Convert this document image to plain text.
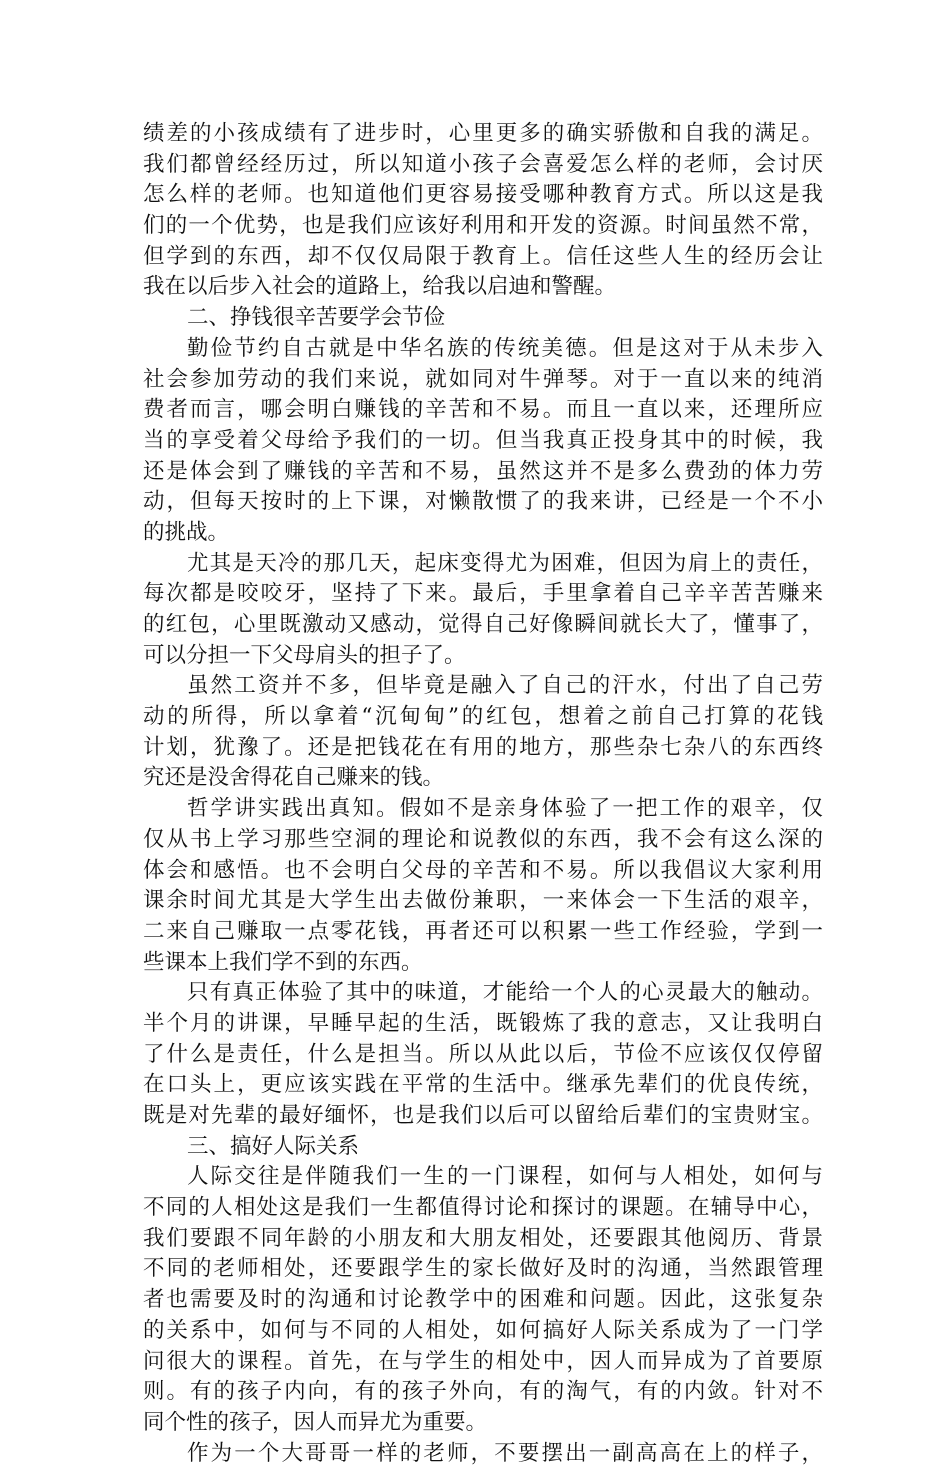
绩差的小孩成绩有了进步时，心里更多的确实骄傲和自我的满足。
我们都曾经经历过，所以知道小孩子会喜爱怎么样的老师，会讨厌
怎么样的老师。也知道他们更容易接受哪种教育方式。所以这是我
们的一个优势，也是我们应该好利用和开发的资源。时间虽然不常，
但学到的东西，却不仅仅局限于教育上。信任这些人生的经历会让
我在以后步入社会的道路上，给我以启迪和警醒。
二、挣钱很辛苦要学会节俭
勤俭节约自古就是中华名族的传统美德。但是这对于从未步入
社会参加劳动的我们来说，就如同对牛弹琴。对于一直以来的纯消
费者而言，哪会明白赚钱的辛苦和不易。而且一直以来，还理所应
当的享受着父母给予我们的一切。但当我真正投身其中的时候，我
还是体会到了赚钱的辛苦和不易，虽然这并不是多么费劲的体力劳
动，但每天按时的上下课，对懒散惯了的我来讲，已经是一个不小
的挑战。
尤其是天冷的那几天，起床变得尤为困难，但因为肩上的责任，
每次都是咬咬牙，坚持了下来。最后，手里拿着自己辛辛苦苦赚来
的红包，心里既激动又感动，觉得自己好像瞬间就长大了，懂事了，
可以分担一下父母肩头的担子了。
虽然工资并不多，但毕竟是融入了自己的汗水，付出了自己劳
动的所得，所以拿着“沉甸甸”的红包，想着之前自己打算的花钱
计划，犹豫了。还是把钱花在有用的地方，那些杂七杂八的东西终
究还是没舍得花自己赚来的钱。
哲学讲实践出真知。假如不是亲身体验了一把工作的艰辛，仅
仅从书上学习那些空洞的理论和说教似的东西，我不会有这么深的
体会和感悟。也不会明白父母的辛苦和不易。所以我倡议大家利用
课余时间尤其是大学生出去做份兼职，一来体会一下生活的艰辛，
二来自己赚取一点零花钱，再者还可以积累一些工作经验，学到一
些课本上我们学不到的东西。
只有真正体验了其中的味道，才能给一个人的心灵最大的触动。
半个月的讲课，早睡早起的生活，既锻炼了我的意志，又让我明白
了什么是责任，什么是担当。所以从此以后，节俭不应该仅仅停留
在口头上，更应该实践在平常的生活中。继承先辈们的优良传统，
既是对先辈的最好缅怀，也是我们以后可以留给后辈们的宝贵财宝。
三、搞好人际关系
人际交往是伴随我们一生的一门课程，如何与人相处，如何与
不同的人相处这是我们一生都值得讨论和探讨的课题。在辅导中心，
我们要跟不同年龄的小朋友和大朋友相处，还要跟其他阅历、背景
不同的老师相处，还要跟学生的家长做好及时的沟通，当然跟管理
者也需要及时的沟通和讨论教学中的困难和问题。因此，这张复杂
的关系中，如何与不同的人相处，如何搞好人际关系成为了一门学
问很大的课程。首先，在与学生的相处中，因人而异成为了首要原
则。有的孩子内向，有的孩子外向，有的淘气，有的内敛。针对不
同个性的孩子，因人而异尤为重要。
作为一个大哥哥一样的老师，不要摆出一副高高在上的样子，
